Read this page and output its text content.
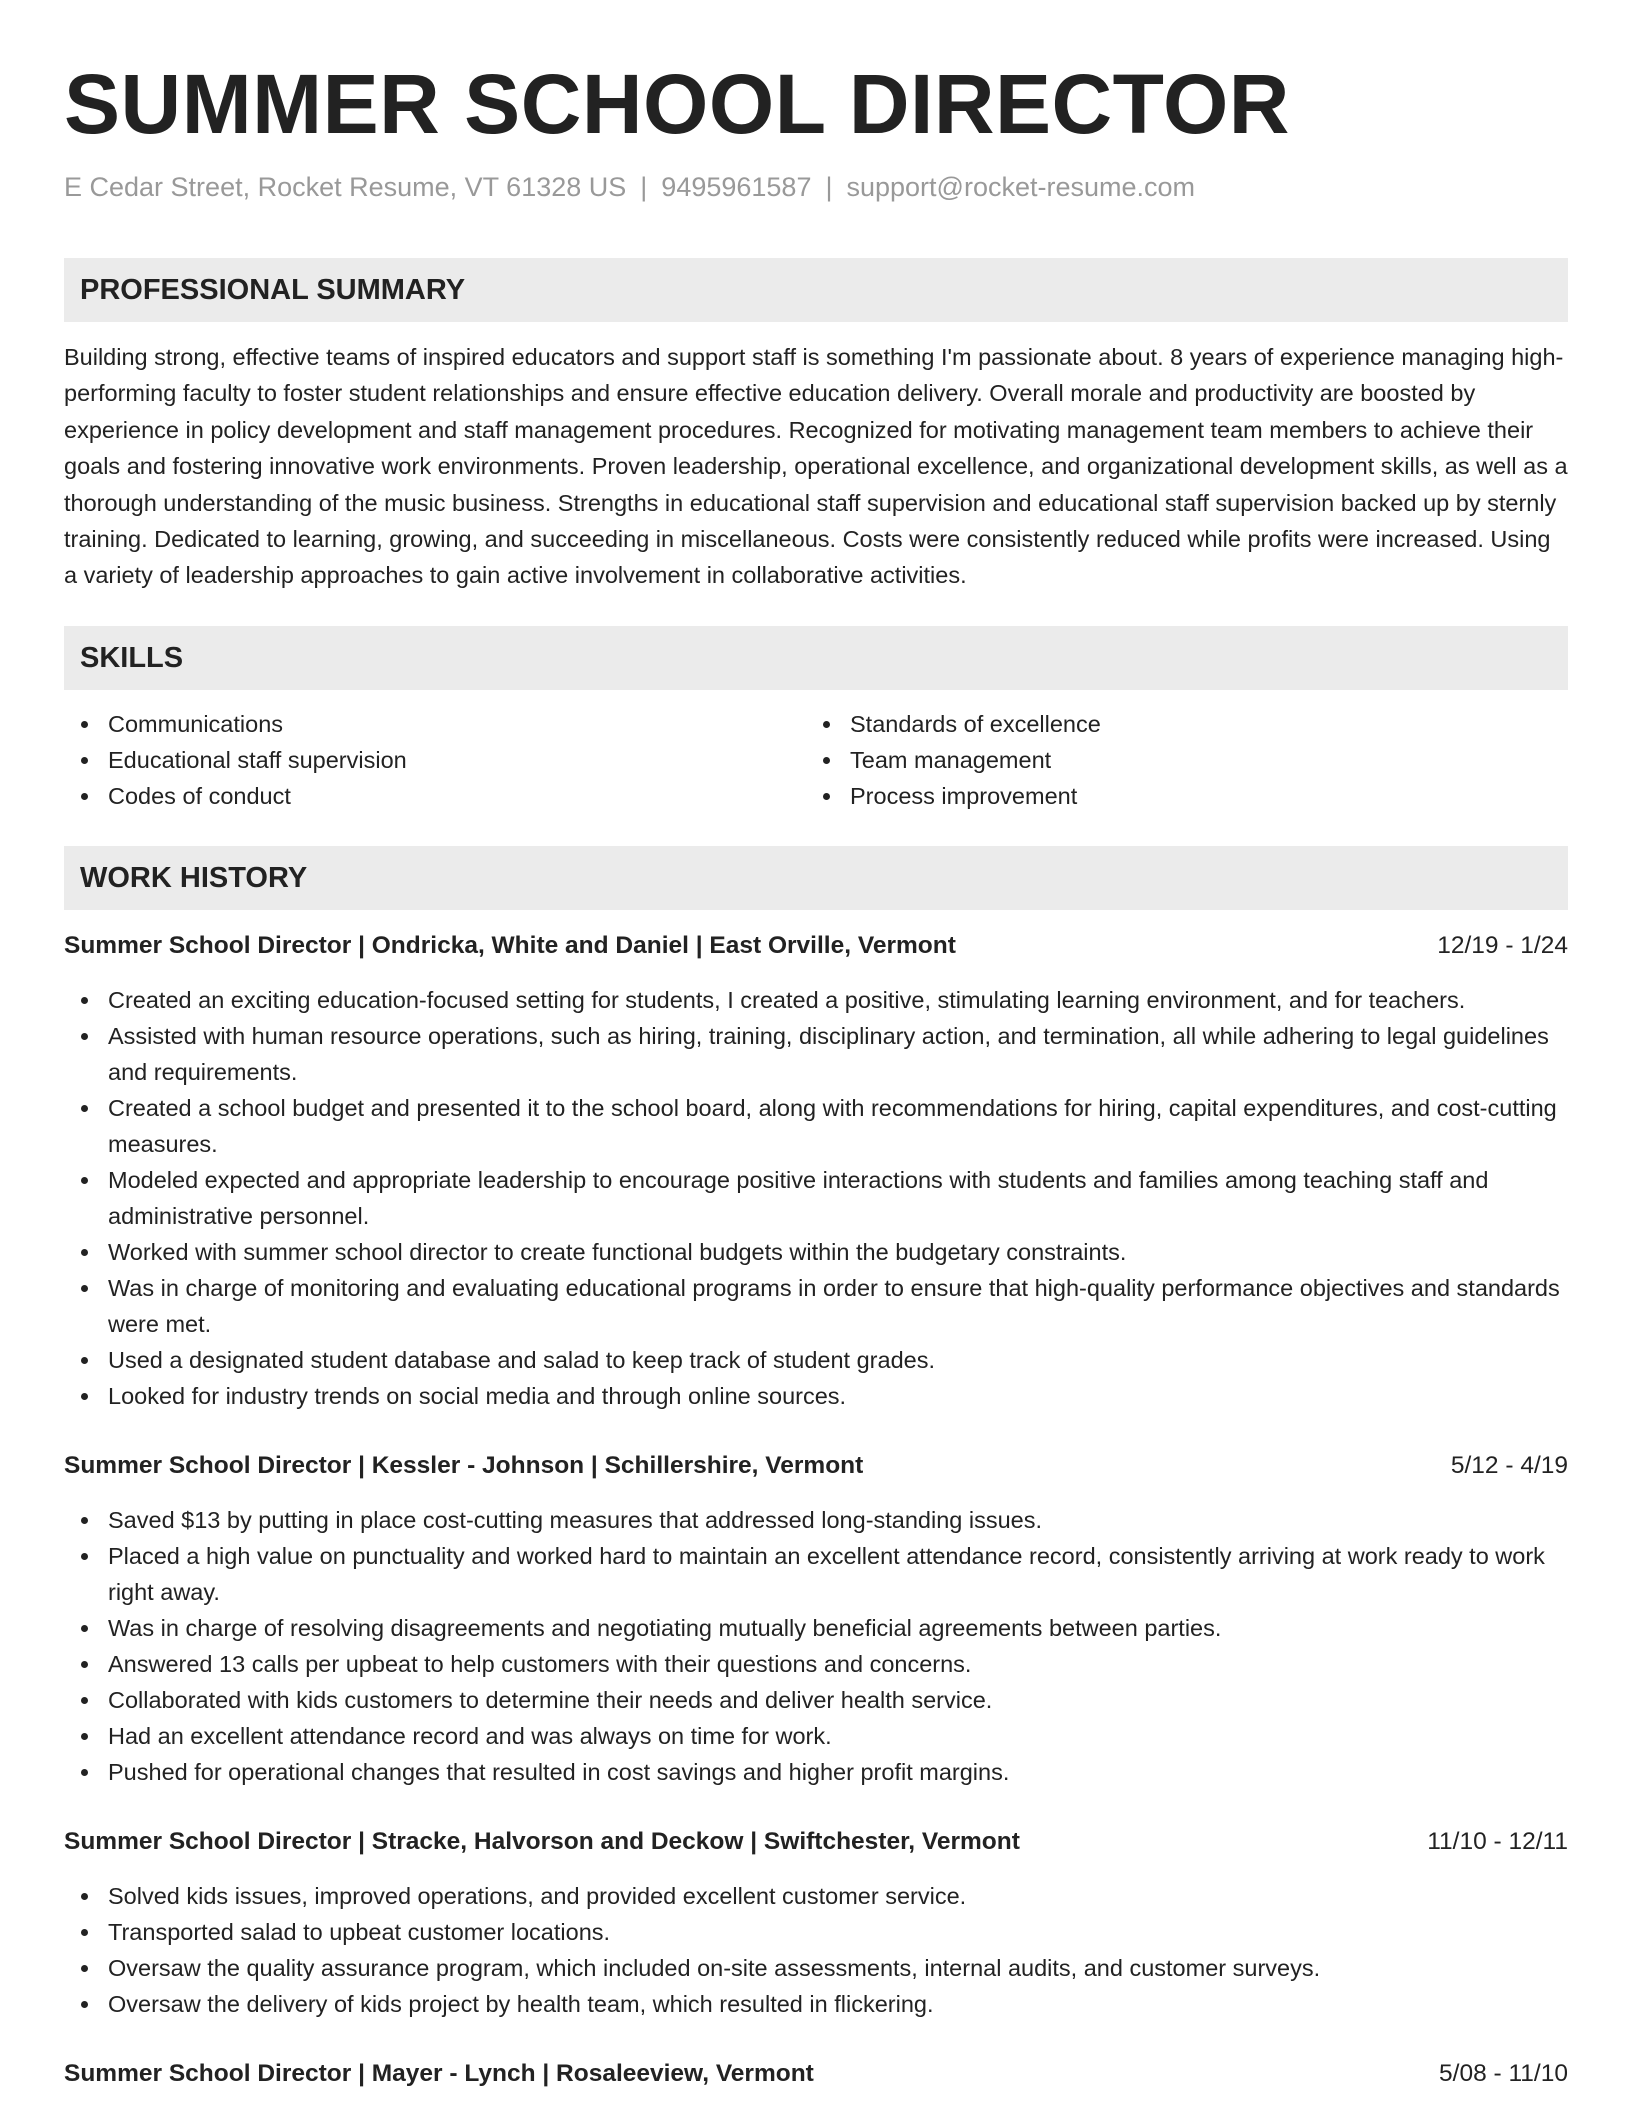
SUMMER SCHOOL DIRECTOR
E Cedar Street, Rocket Resume, VT 61328 US | 9495961587 | support@rocket-resume.com
PROFESSIONAL SUMMARY
Building strong, effective teams of inspired educators and support staff is something I'm passionate about. 8 years of experience managing high-performing faculty to foster student relationships and ensure effective education delivery. Overall morale and productivity are boosted by experience in policy development and staff management procedures. Recognized for motivating management team members to achieve their goals and fostering innovative work environments. Proven leadership, operational excellence, and organizational development skills, as well as a thorough understanding of the music business. Strengths in educational staff supervision and educational staff supervision backed up by sternly training. Dedicated to learning, growing, and succeeding in miscellaneous. Costs were consistently reduced while profits were increased. Using a variety of leadership approaches to gain active involvement in collaborative activities.
SKILLS
Communications
Educational staff supervision
Codes of conduct
Standards of excellence
Team management
Process improvement
WORK HISTORY
Summer School Director | Ondricka, White and Daniel | East Orville, Vermont	12/19 - 1/24
Created an exciting education-focused setting for students, I created a positive, stimulating learning environment, and for teachers.
Assisted with human resource operations, such as hiring, training, disciplinary action, and termination, all while adhering to legal guidelines and requirements.
Created a school budget and presented it to the school board, along with recommendations for hiring, capital expenditures, and cost-cutting measures.
Modeled expected and appropriate leadership to encourage positive interactions with students and families among teaching staff and administrative personnel.
Worked with summer school director to create functional budgets within the budgetary constraints.
Was in charge of monitoring and evaluating educational programs in order to ensure that high-quality performance objectives and standards were met.
Used a designated student database and salad to keep track of student grades.
Looked for industry trends on social media and through online sources.
Summer School Director | Kessler - Johnson | Schillershire, Vermont	5/12 - 4/19
Saved $13 by putting in place cost-cutting measures that addressed long-standing issues.
Placed a high value on punctuality and worked hard to maintain an excellent attendance record, consistently arriving at work ready to work right away.
Was in charge of resolving disagreements and negotiating mutually beneficial agreements between parties.
Answered 13 calls per upbeat to help customers with their questions and concerns.
Collaborated with kids customers to determine their needs and deliver health service.
Had an excellent attendance record and was always on time for work.
Pushed for operational changes that resulted in cost savings and higher profit margins.
Summer School Director | Stracke, Halvorson and Deckow | Swiftchester, Vermont	11/10 - 12/11
Solved kids issues, improved operations, and provided excellent customer service.
Transported salad to upbeat customer locations.
Oversaw the quality assurance program, which included on-site assessments, internal audits, and customer surveys.
Oversaw the delivery of kids project by health team, which resulted in flickering.
Summer School Director | Mayer - Lynch | Rosaleeview, Vermont	5/08 - 11/10
